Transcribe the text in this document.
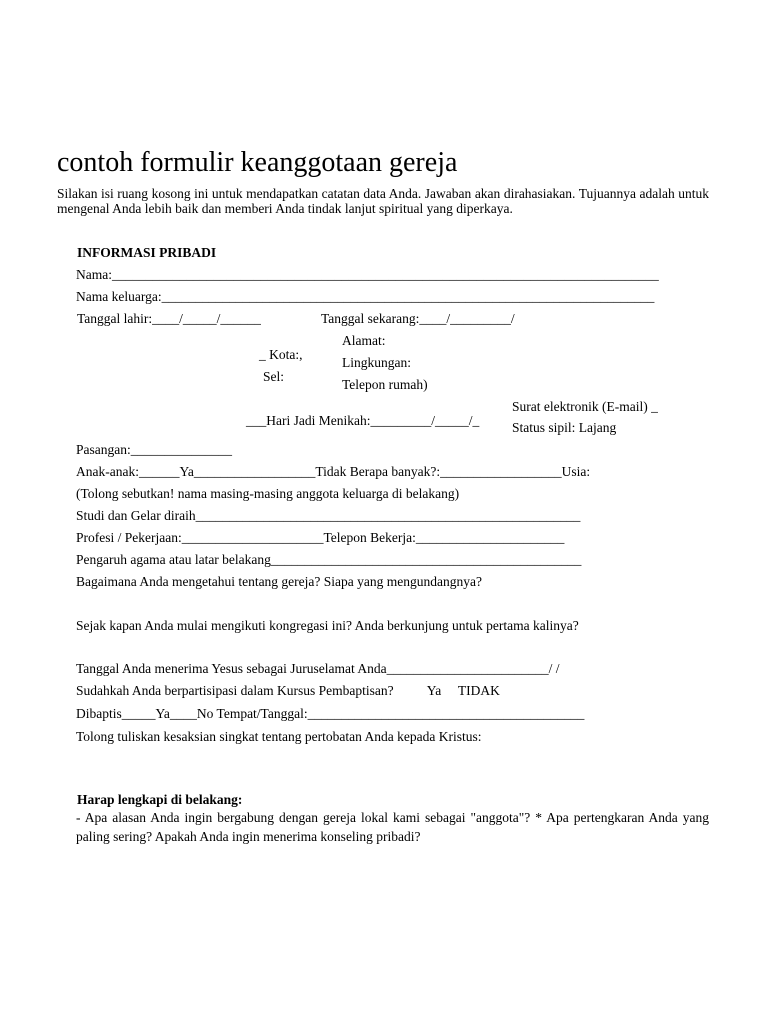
contoh formulir keanggotaan gereja
Silakan isi ruang kosong ini untuk mendapatkan catatan data Anda. Jawaban akan dirahasiakan. Tujuannya adalah untuk mengenal Anda lebih baik dan memberi Anda tindak lanjut spiritual yang diperkaya.
INFORMASI PRIBADI
Nama:_________________________________________________________________________________
Nama keluarga:_________________________________________________________________________
Tanggal lahir:____/_____/______	Tanggal sekarang:____/_________/
Alamat:
_ Kota:,
Lingkungan:
Sel:
Telepon rumah)
Surat elektronik (E-mail) _
___Hari Jadi Menikah:_________/_____/_ Status sipil: Lajang
Pasangan:_______________
Anak-anak:______Ya__________________Tidak Berapa banyak?:__________________Usia:
(Tolong sebutkan! nama masing-masing anggota keluarga di belakang)
Studi dan Gelar diraih_________________________________________________________
Profesi / Pekerjaan:_____________________Telepon Bekerja:______________________
Pengaruh agama atau latar belakang______________________________________________
Bagaimana Anda mengetahui tentang gereja? Siapa yang mengundangnya?
Sejak kapan Anda mulai mengikuti kongregasi ini? Anda berkunjung untuk pertama kalinya?
Tanggal Anda menerima Yesus sebagai Juruselamat Anda________________________/ /
Sudahkah Anda berpartisipasi dalam Kursus Pembaptisan?          Ya     TIDAK
Dibaptis_____Ya____No Tempat/Tanggal:_________________________________________
Tolong tuliskan kesaksian singkat tentang pertobatan Anda kepada Kristus:
Harap lengkapi di belakang:
- Apa alasan Anda ingin bergabung dengan gereja lokal kami sebagai "anggota"? * Apa pertengkaran Anda yang paling sering? Apakah Anda ingin menerima konseling pribadi?
